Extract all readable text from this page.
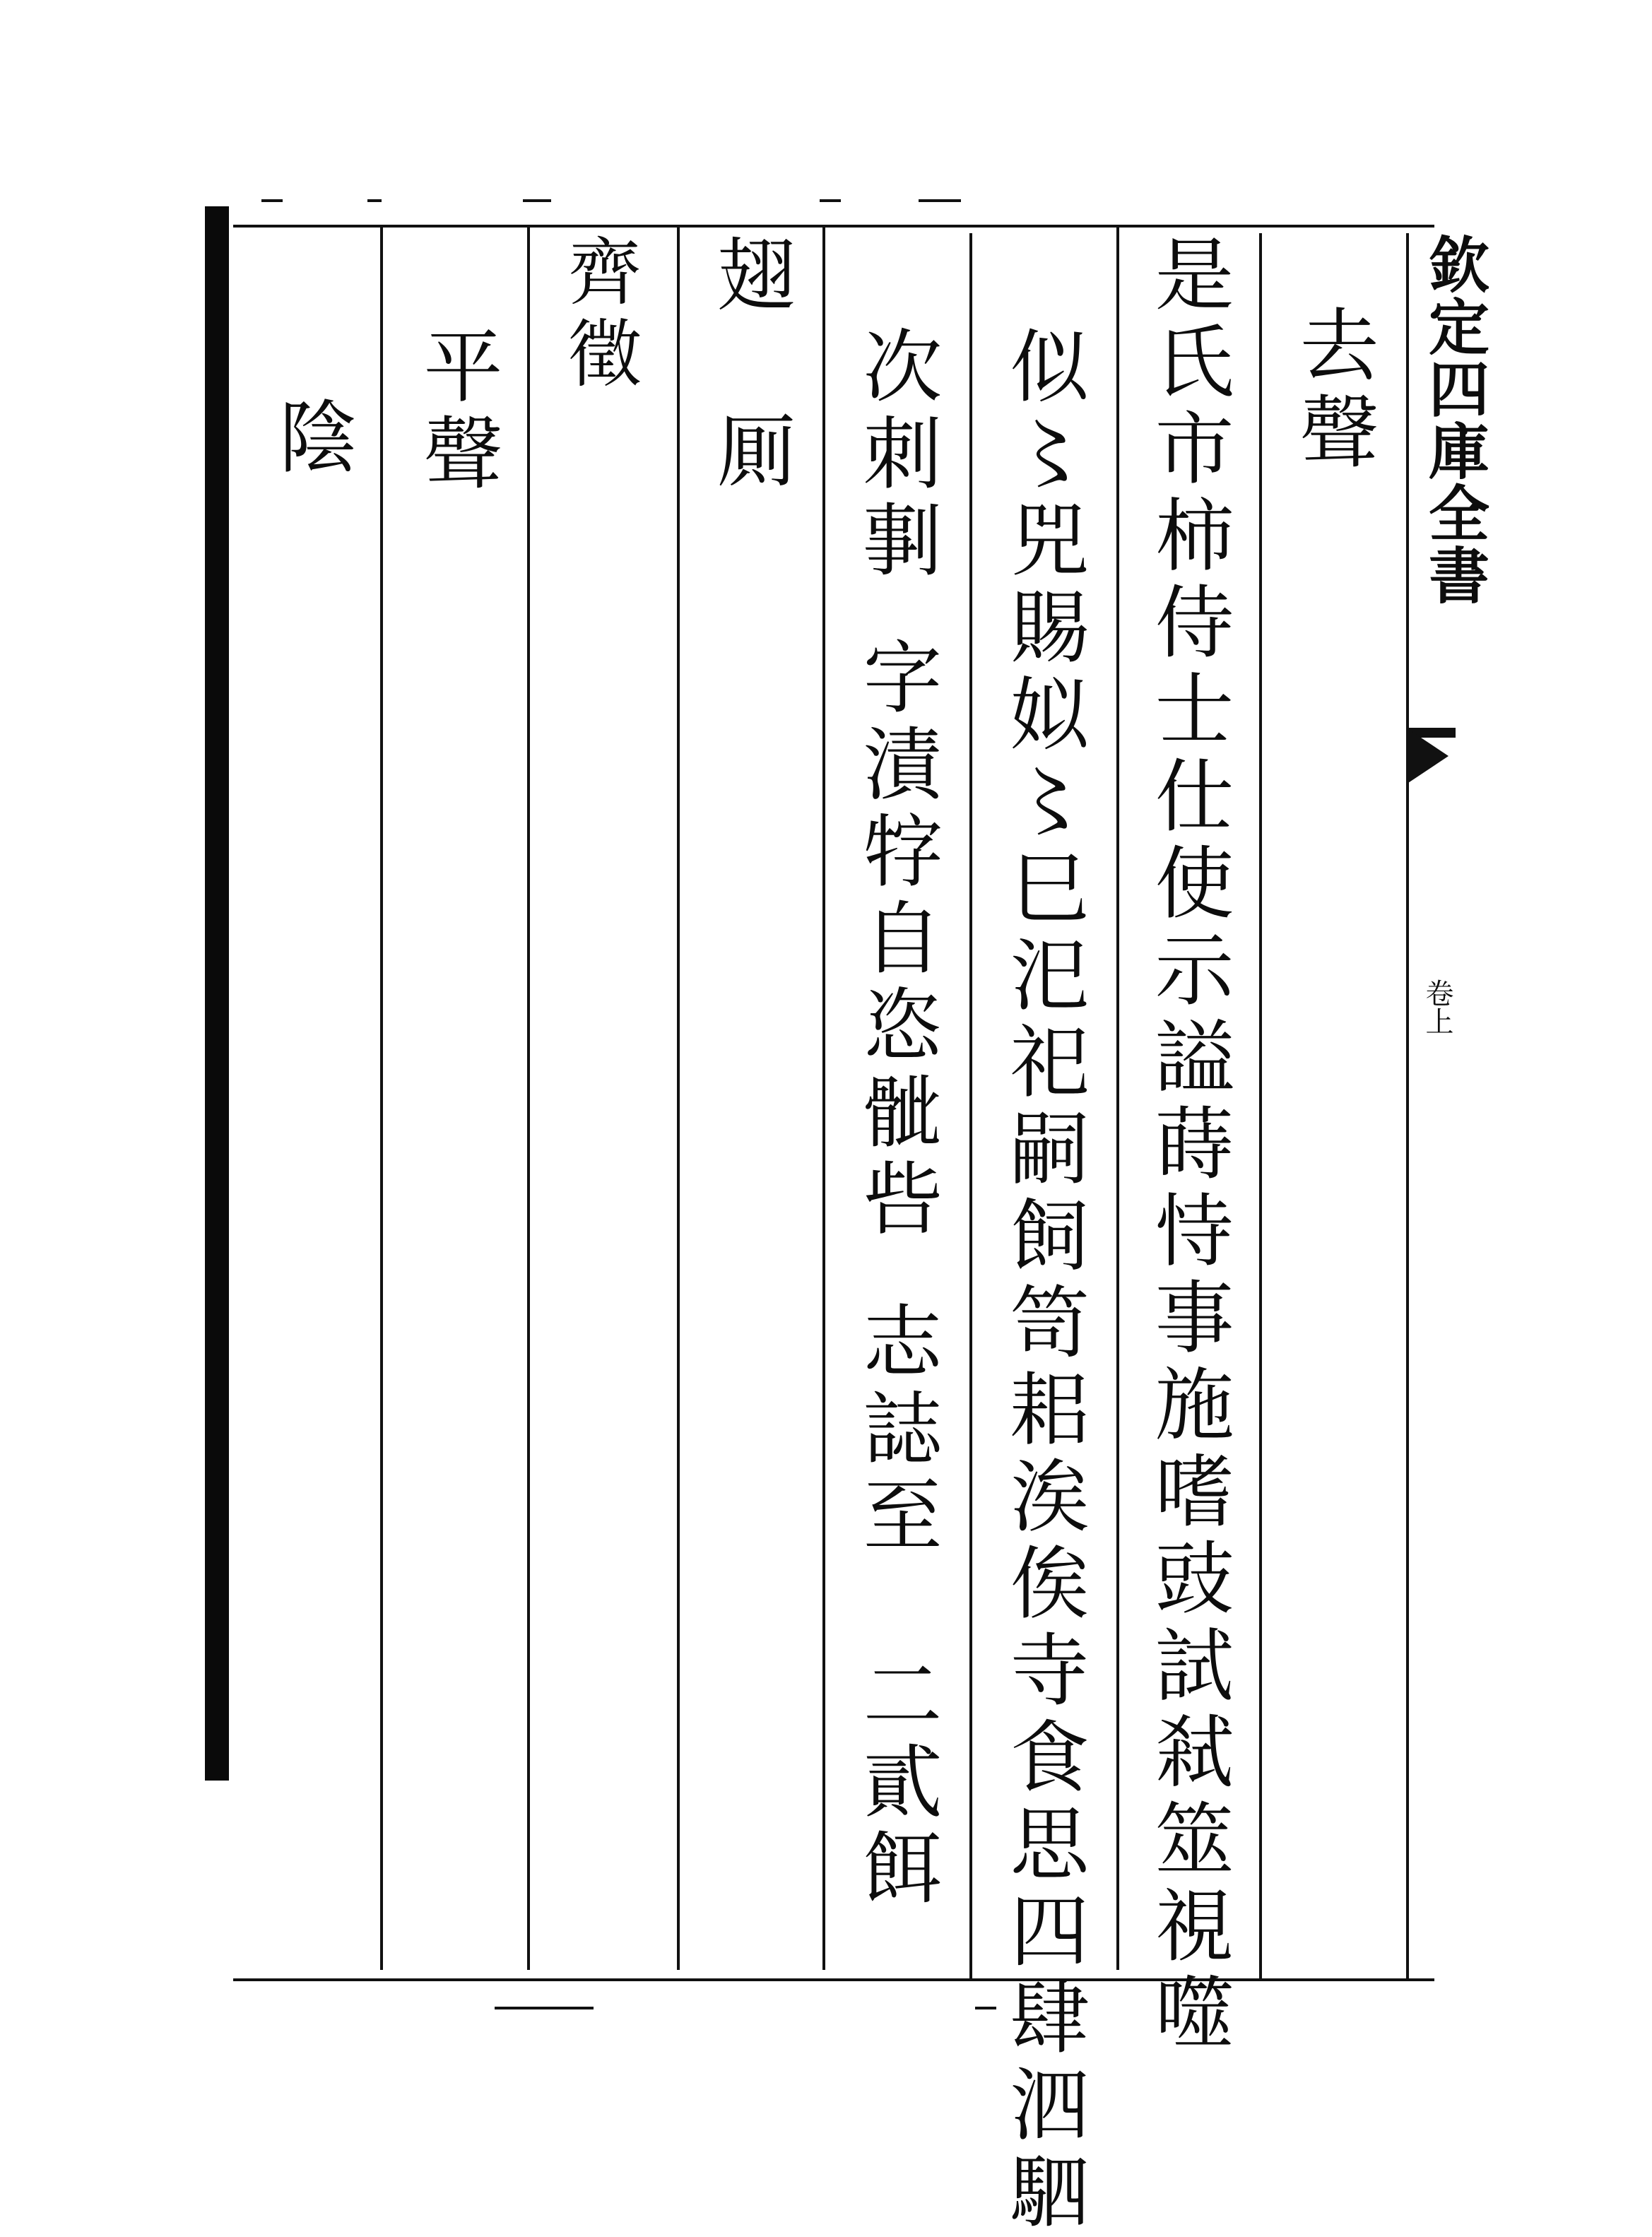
欽定四庫全書
卷上
去聲
是氏市柿侍士仕使示謚蒔恃事施嗜豉試弒筮視噬
似〻兕賜姒〻巳汜祀嗣飼笥耜涘俟寺食思四肆泗駟
次刺剚
字漬牸自恣骴呰
志誌至
二貳餌
翅
厠
齊徵
平聲
陰
